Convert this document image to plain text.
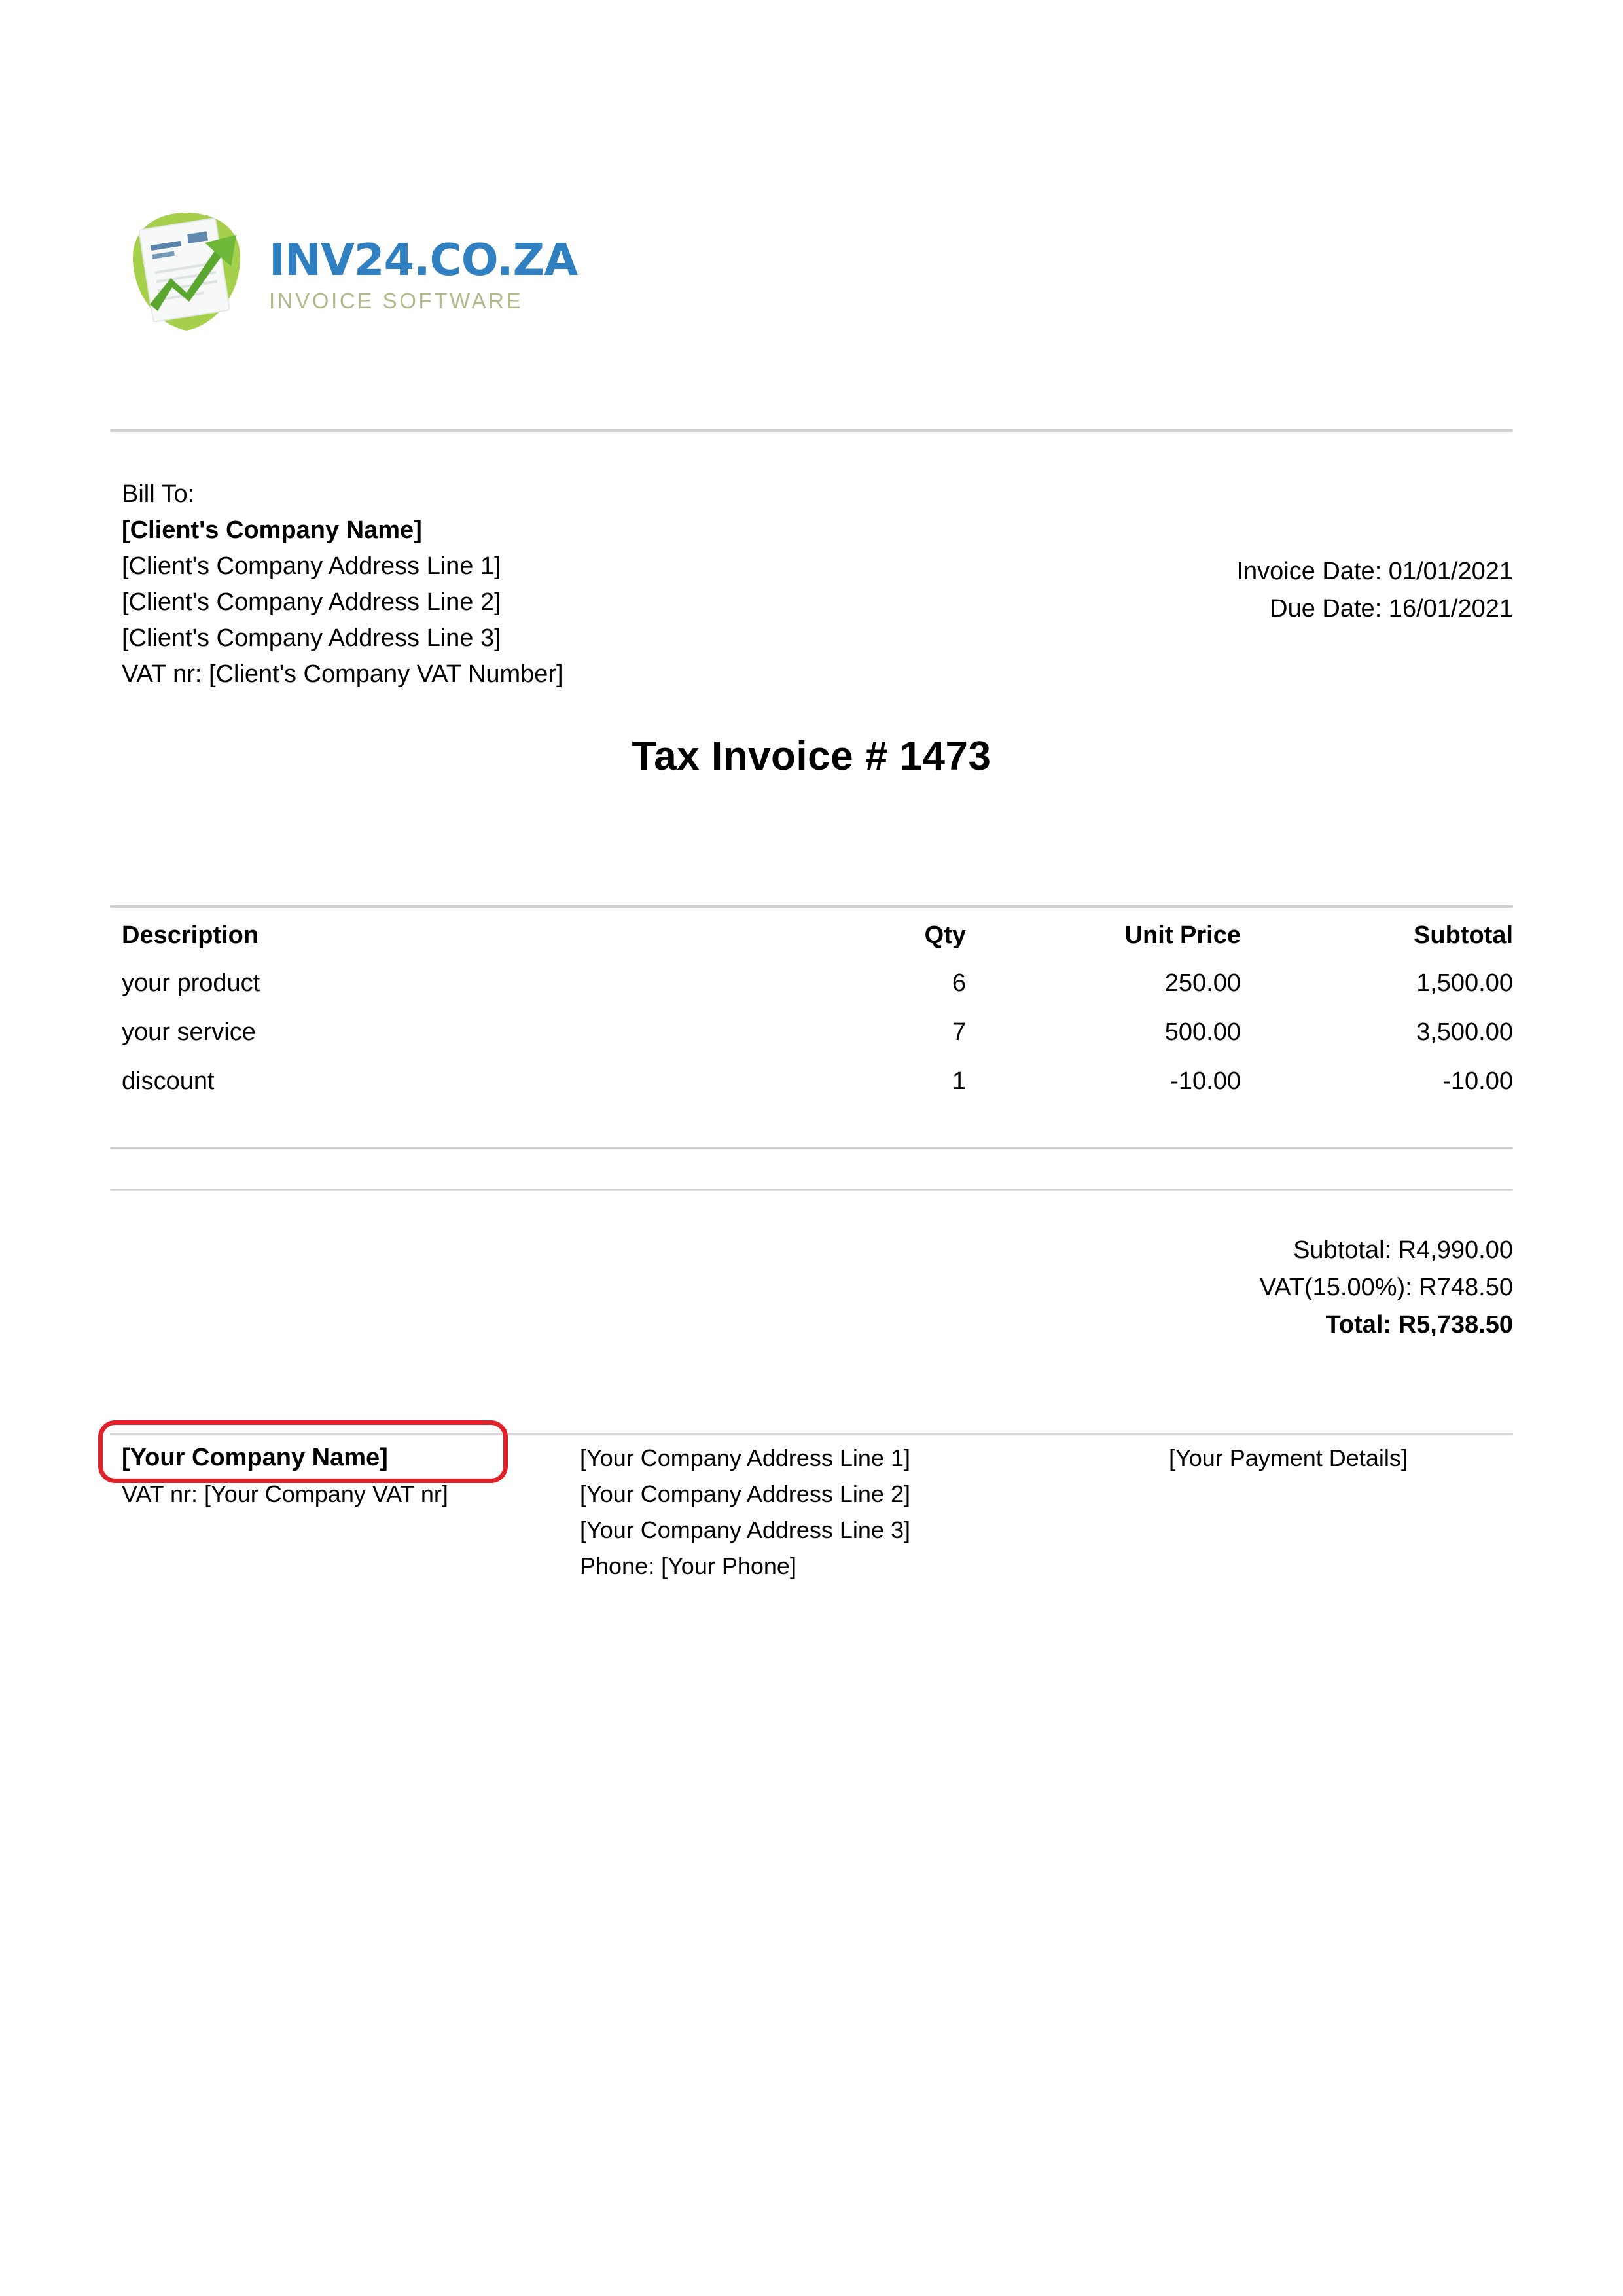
INV24.CO.ZA
INVOICE SOFTWARE
Bill To:
[Client's Company Name]
[Client's Company Address Line 1]
[Client's Company Address Line 2]
[Client's Company Address Line 3]
VAT nr: [Client's Company VAT Number]
Invoice Date: 01/01/2021
Due Date: 16/01/2021
Tax Invoice # 1473
Description	Qty	Unit Price	Subtotal
your product	6	250.00	1,500.00
your service	7	500.00	3,500.00
discount	1	-10.00	-10.00
Subtotal: R4,990.00
VAT(15.00%): R748.50
Total: R5,738.50
[Your Company Name]
VAT nr: [Your Company VAT nr]
[Your Company Address Line 1]
[Your Company Address Line 2]
[Your Company Address Line 3]
Phone: [Your Phone]
[Your Payment Details]
